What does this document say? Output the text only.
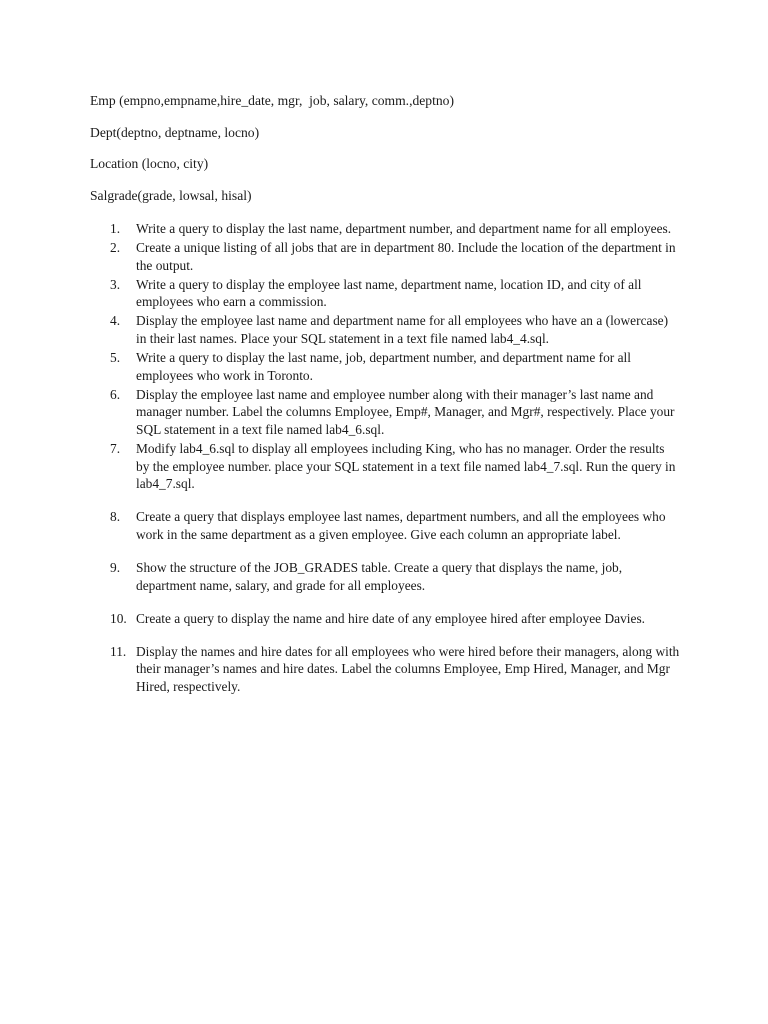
Emp (empno,empname,hire_date, mgr,  job, salary, comm.,deptno)
Dept(deptno, deptname, locno)
Location (locno, city)
Salgrade(grade, lowsal, hisal)
1.	Write a query to display the last name, department number, and department name for all employees.
2.	Create a unique listing of all jobs that are in department 80. Include the location of the department in the output.
3.	Write a query to display the employee last name, department name, location ID, and city of all employees who earn a commission.
4.	Display the employee last name and department name for all employees who have an a (lowercase) in their last names. Place your SQL statement in a text file named lab4_4.sql.
5.	Write a query to display the last name, job, department number, and department name for all employees who work in Toronto.
6.	Display the employee last name and employee number along with their manager’s last name and manager number. Label the columns Employee, Emp#, Manager, and Mgr#, respectively. Place your SQL statement in a text file named lab4_6.sql.
7.	Modify lab4_6.sql to display all employees including King, who has no manager. Order the results by the employee number. place your SQL statement in a text file named lab4_7.sql. Run the query in lab4_7.sql.
8.	Create a query that displays employee last names, department numbers, and all the employees who work in the same department as a given employee. Give each column an appropriate label.
9.	Show the structure of the JOB_GRADES table. Create a query that displays the name, job, department name, salary, and grade for all employees.
10. Create a query to display the name and hire date of any employee hired after employee Davies.
11. Display the names and hire dates for all employees who were hired before their managers, along with their manager’s names and hire dates. Label the columns Employee, Emp Hired, Manager, and Mgr Hired, respectively.
